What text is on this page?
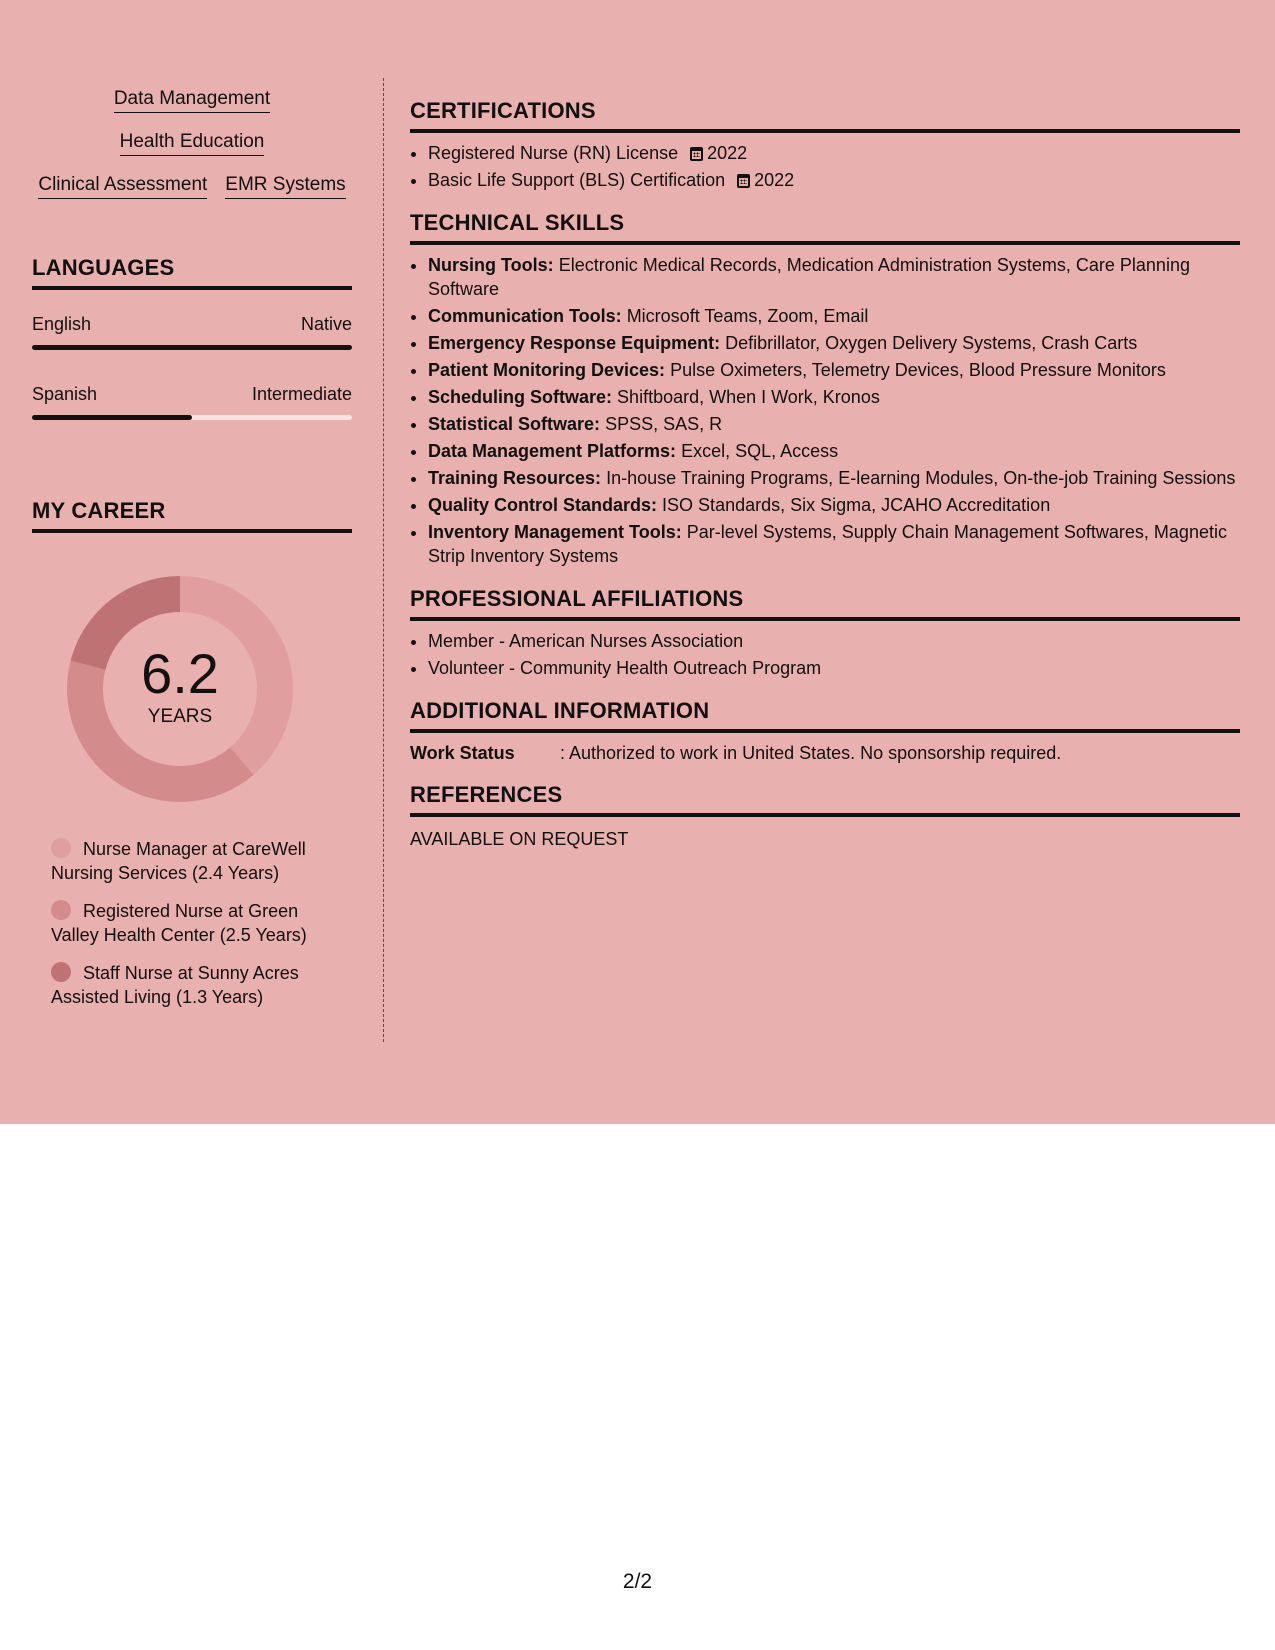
Data Management
Health Education
Clinical Assessment EMR Systems
LANGUAGES
English	Native
Spanish	Intermediate
MY CAREER
6.2
YEARS
Nurse Manager at CareWell Nursing Services (2.4 Years)
Registered Nurse at Green Valley Health Center (2.5 Years)
Staff Nurse at Sunny Acres Assisted Living (1.3 Years)
CERTIFICATIONS
• Registered Nurse (RN) License 2022
• Basic Life Support (BLS) Certification 2022
TECHNICAL SKILLS
• Nursing Tools: Electronic Medical Records, Medication Administration Systems, Care Planning Software
• Communication Tools: Microsoft Teams, Zoom, Email
• Emergency Response Equipment: Defibrillator, Oxygen Delivery Systems, Crash Carts
• Patient Monitoring Devices: Pulse Oximeters, Telemetry Devices, Blood Pressure Monitors
• Scheduling Software: Shiftboard, When I Work, Kronos
• Statistical Software: SPSS, SAS, R
• Data Management Platforms: Excel, SQL, Access
• Training Resources: In-house Training Programs, E-learning Modules, On-the-job Training Sessions
• Quality Control Standards: ISO Standards, Six Sigma, JCAHO Accreditation
• Inventory Management Tools: Par-level Systems, Supply Chain Management Softwares, Magnetic Strip Inventory Systems
PROFESSIONAL AFFILIATIONS
• Member - American Nurses Association
• Volunteer - Community Health Outreach Program
ADDITIONAL INFORMATION
Work Status	: Authorized to work in United States. No sponsorship required.
REFERENCES
AVAILABLE ON REQUEST
2/2
